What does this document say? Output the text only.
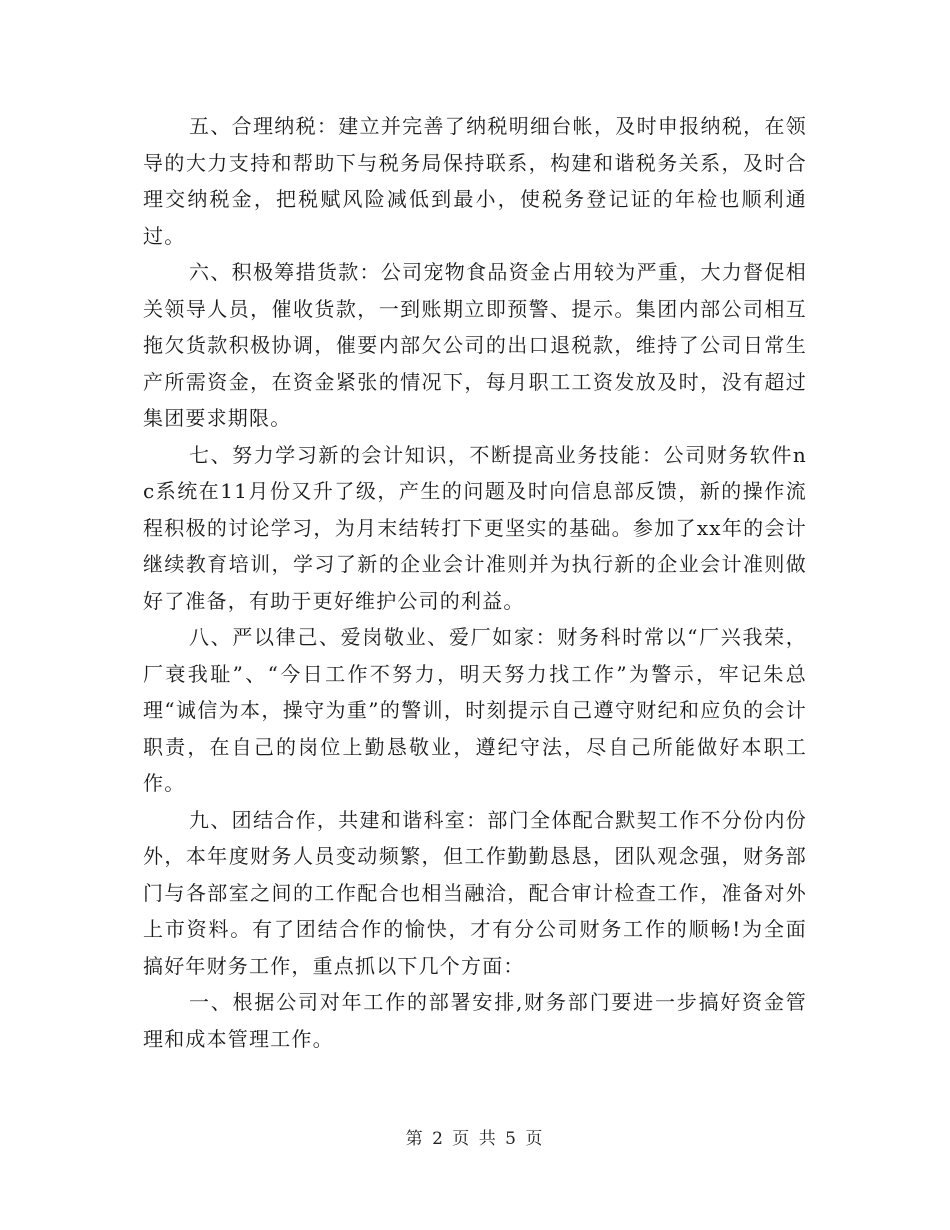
五、合理纳税：建立并完善了纳税明细台帐，及时申报纳税，在领导的大力支持和帮助下与税务局保持联系，构建和谐税务关系，及时合理交纳税金，把税赋风险减低到最小，使税务登记证的年检也顺利通过。

六、积极筹措货款：公司宠物食品资金占用较为严重，大力督促相关领导人员，催收货款，一到账期立即预警、提示。集团内部公司相互拖欠货款积极协调，催要内部欠公司的出口退税款，维持了公司日常生产所需资金，在资金紧张的情况下，每月职工工资发放及时，没有超过集团要求期限。

七、努力学习新的会计知识，不断提高业务技能：公司财务软件nc系统在11月份又升了级，产生的问题及时向信息部反馈，新的操作流程积极的讨论学习，为月末结转打下更坚实的基础。参加了xx年的会计继续教育培训，学习了新的企业会计准则并为执行新的企业会计准则做好了准备，有助于更好维护公司的利益。

八、严以律己、爱岗敬业、爱厂如家：财务科时常以“厂兴我荣，厂衰我耻”、“今日工作不努力，明天努力找工作”为警示，牢记朱总理“诚信为本，操守为重”的警训，时刻提示自己遵守财纪和应负的会计职责，在自己的岗位上勤恳敬业，遵纪守法，尽自己所能做好本职工作。

九、团结合作，共建和谐科室：部门全体配合默契工作不分份内份外，本年度财务人员变动频繁，但工作勤勤恳恳，团队观念强，财务部门与各部室之间的工作配合也相当融洽，配合审计检查工作，准备对外上市资料。有了团结合作的愉快，才有分公司财务工作的顺畅!为全面搞好年财务工作，重点抓以下几个方面：

一、根据公司对年工作的部署安排,财务部门要进一步搞好资金管理和成本管理工作。

第 2 页 共 5 页
